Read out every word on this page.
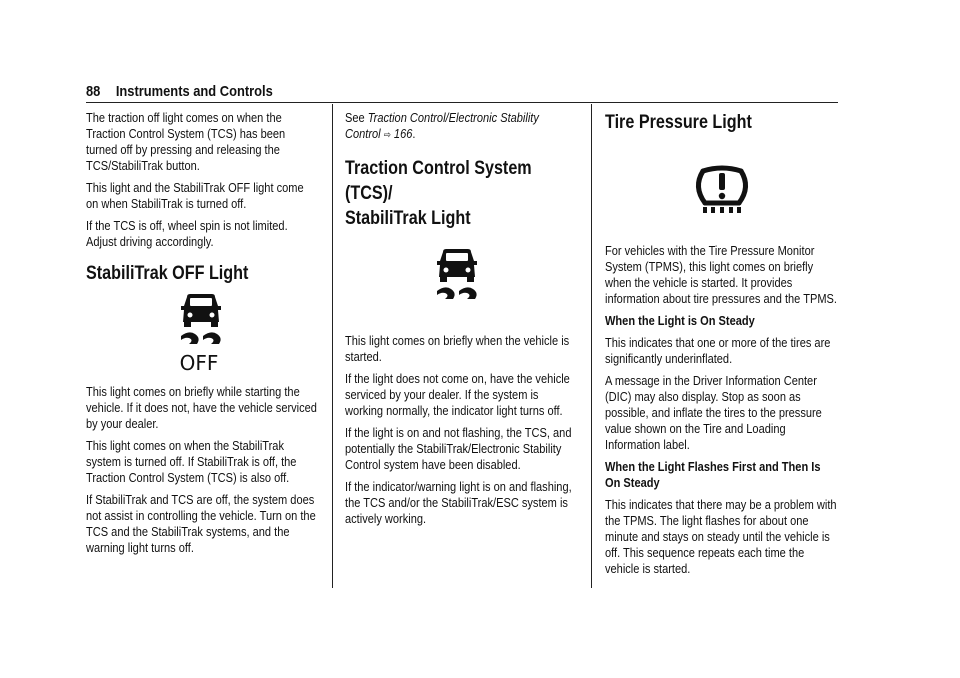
88 Instruments and Controls

The traction off light comes on when the Traction Control System (TCS) has been turned off by pressing and releasing the TCS/StabiliTrak button.

This light and the StabiliTrak OFF light come on when StabiliTrak is turned off.

If the TCS is off, wheel spin is not limited. Adjust driving accordingly.

StabiliTrak OFF Light
OFF

This light comes on briefly while starting the vehicle. If it does not, have the vehicle serviced by your dealer.

This light comes on when the StabiliTrak system is turned off. If StabiliTrak is off, the Traction Control System (TCS) is also off.

If StabiliTrak and TCS are off, the system does not assist in controlling the vehicle. Turn on the TCS and the StabiliTrak systems, and the warning light turns off.

See Traction Control/Electronic Stability Control ⇨ 166.

Traction Control System (TCS)/
StabiliTrak Light

This light comes on briefly when the vehicle is started.

If the light does not come on, have the vehicle serviced by your dealer. If the system is working normally, the indicator light turns off.

If the light is on and not flashing, the TCS, and potentially the StabiliTrak/Electronic Stability Control system have been disabled.

If the indicator/warning light is on and flashing, the TCS and/or the StabiliTrak/ESC system is actively working.

Tire Pressure Light

For vehicles with the Tire Pressure Monitor System (TPMS), this light comes on briefly when the vehicle is started. It provides information about tire pressures and the TPMS.

When the Light is On Steady

This indicates that one or more of the tires are significantly underinflated.

A message in the Driver Information Center (DIC) may also display. Stop as soon as possible, and inflate the tires to the pressure value shown on the Tire and Loading Information label.

When the Light Flashes First and Then Is On Steady

This indicates that there may be a problem with the TPMS. The light flashes for about one minute and stays on steady until the vehicle is off. This sequence repeats each time the vehicle is started.
